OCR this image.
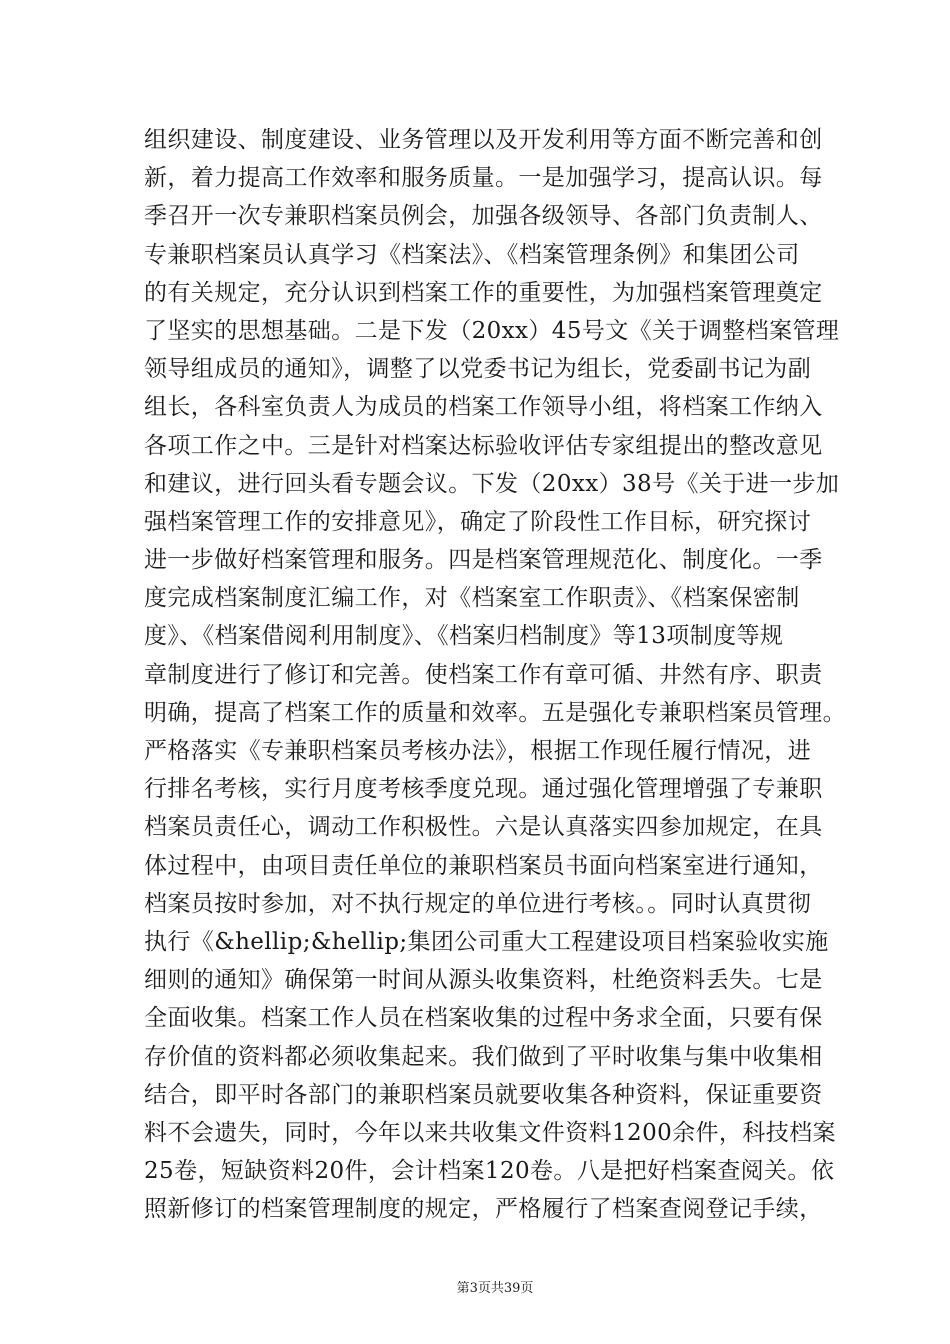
组织建设、制度建设、业务管理以及开发利用等方面不断完善和创
新，着力提高工作效率和服务质量。一是加强学习，提高认识。每
季召开一次专兼职档案员例会，加强各级领导、各部门负责制人、
专兼职档案员认真学习《档案法》、《档案管理条例》和集团公司
的有关规定，充分认识到档案工作的重要性，为加强档案管理奠定
了坚实的思想基础。二是下发（20xx）45号文《关于调整档案管理
领导组成员的通知》，调整了以党委书记为组长，党委副书记为副
组长，各科室负责人为成员的档案工作领导小组，将档案工作纳入
各项工作之中。三是针对档案达标验收评估专家组提出的整改意见
和建议，进行回头看专题会议。下发（20xx）38号《关于进一步加
强档案管理工作的安排意见》，确定了阶段性工作目标，研究探讨
进一步做好档案管理和服务。四是档案管理规范化、制度化。一季
度完成档案制度汇编工作，对《档案室工作职责》、《档案保密制
度》、《档案借阅利用制度》、《档案归档制度》等13项制度等规
章制度进行了修订和完善。使档案工作有章可循、井然有序、职责
明确，提高了档案工作的质量和效率。五是强化专兼职档案员管理。
严格落实《专兼职档案员考核办法》，根据工作现任履行情况，进
行排名考核，实行月度考核季度兑现。通过强化管理增强了专兼职
档案员责任心，调动工作积极性。六是认真落实四参加规定，在具
体过程中，由项目责任单位的兼职档案员书面向档案室进行通知，
档案员按时参加，对不执行规定的单位进行考核。。同时认真贯彻
执行《&hellip;&hellip;集团公司重大工程建设项目档案验收实施
细则的通知》确保第一时间从源头收集资料，杜绝资料丢失。七是
全面收集。档案工作人员在档案收集的过程中务求全面，只要有保
存价值的资料都必须收集起来。我们做到了平时收集与集中收集相
结合，即平时各部门的兼职档案员就要收集各种资料，保证重要资
料不会遗失，同时，今年以来共收集文件资料1200余件，科技档案
25卷，短缺资料20件，会计档案120卷。八是把好档案查阅关。依
照新修订的档案管理制度的规定，严格履行了档案查阅登记手续，
第3页共39页
